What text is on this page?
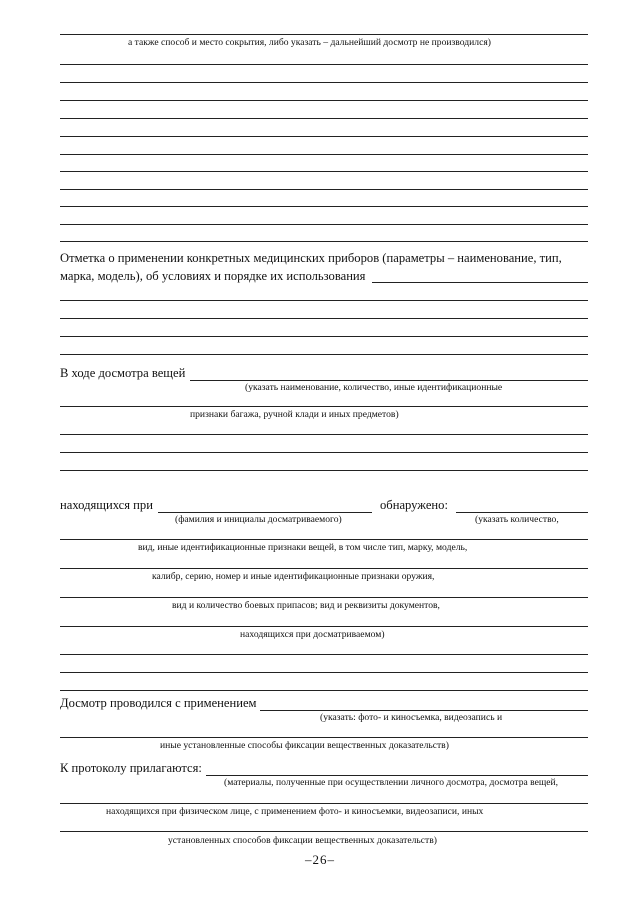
а также способ и место сокрытия, либо указать – дальнейший досмотр не производился)
Отметка о применении конкретных медицинских приборов (параметры – наименование, тип,
марка, модель), об условиях и порядке их использования
В ходе досмотра вещей
(указать наименование, количество, иные идентификационные
признаки багажа, ручной клади и иных предметов)
находящихся при	обнаружено:
(фамилия и инициалы досматриваемого)	(указать количество,
вид, иные идентификационные признаки вещей, в том числе тип, марку, модель,
калибр, серию, номер и иные идентификационные признаки оружия,
вид и количество боевых припасов; вид и реквизиты документов,
находящихся при досматриваемом)
Досмотр проводился с применением
(указать: фото- и киносъемка, видеозапись и
иные установленные способы фиксации вещественных доказательств)
К протоколу прилагаются:
(материалы, полученные при осуществлении личного досмотра, досмотра вещей,
находящихся при физическом лице, с применением фото- и киносъемки, видеозаписи, иных
установленных способов фиксации вещественных доказательств)
–26–
